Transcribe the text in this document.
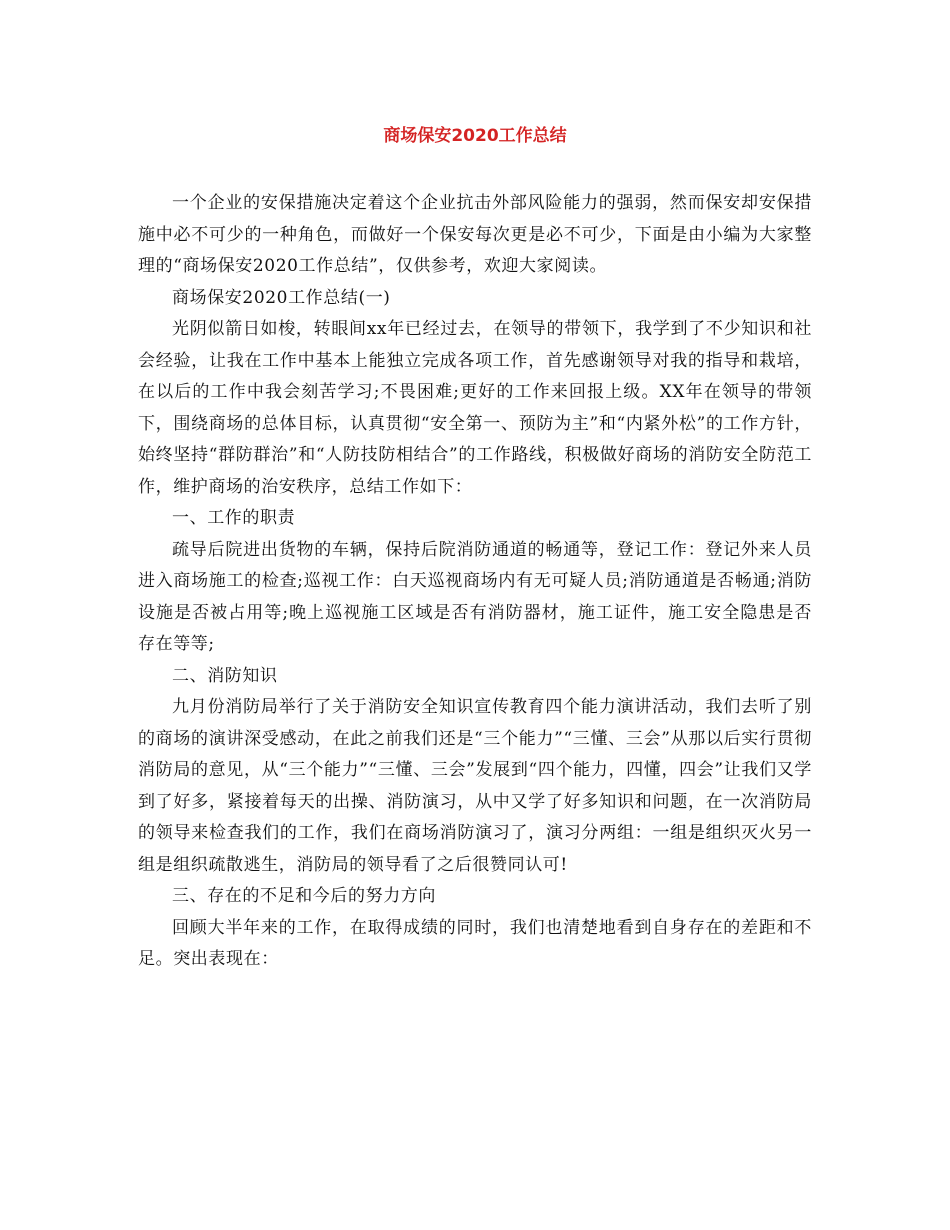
商场保安2020工作总结

一个企业的安保措施决定着这个企业抗击外部风险能力的强弱，然而保安却安保措施中必不可少的一种角色，而做好一个保安每次更是必不可少，下面是由小编为大家整理的“商场保安2020工作总结”，仅供参考，欢迎大家阅读。

商场保安2020工作总结(一)

光阴似箭日如梭，转眼间xx年已经过去，在领导的带领下，我学到了不少知识和社会经验，让我在工作中基本上能独立完成各项工作，首先感谢领导对我的指导和栽培，在以后的工作中我会刻苦学习;不畏困难;更好的工作来回报上级。XX年在领导的带领下，围绕商场的总体目标，认真贯彻“安全第一、预防为主”和“内紧外松”的工作方针，始终坚持“群防群治”和“人防技防相结合”的工作路线，积极做好商场的消防安全防范工作，维护商场的治安秩序，总结工作如下：

一、工作的职责

疏导后院进出货物的车辆，保持后院消防通道的畅通等，登记工作：登记外来人员进入商场施工的检查;巡视工作：白天巡视商场内有无可疑人员;消防通道是否畅通;消防设施是否被占用等;晚上巡视施工区域是否有消防器材，施工证件，施工安全隐患是否存在等等;

二、消防知识

九月份消防局举行了关于消防安全知识宣传教育四个能力演讲活动，我们去听了别的商场的演讲深受感动，在此之前我们还是“三个能力”“三懂、三会”从那以后实行贯彻消防局的意见，从“三个能力”“三懂、三会”发展到“四个能力，四懂，四会”让我们又学到了好多，紧接着每天的出操、消防演习，从中又学了好多知识和问题，在一次消防局的领导来检查我们的工作，我们在商场消防演习了，演习分两组：一组是组织灭火另一组是组织疏散逃生，消防局的领导看了之后很赞同认可!

三、存在的不足和今后的努力方向

回顾大半年来的工作，在取得成绩的同时，我们也清楚地看到自身存在的差距和不足。突出表现在：
